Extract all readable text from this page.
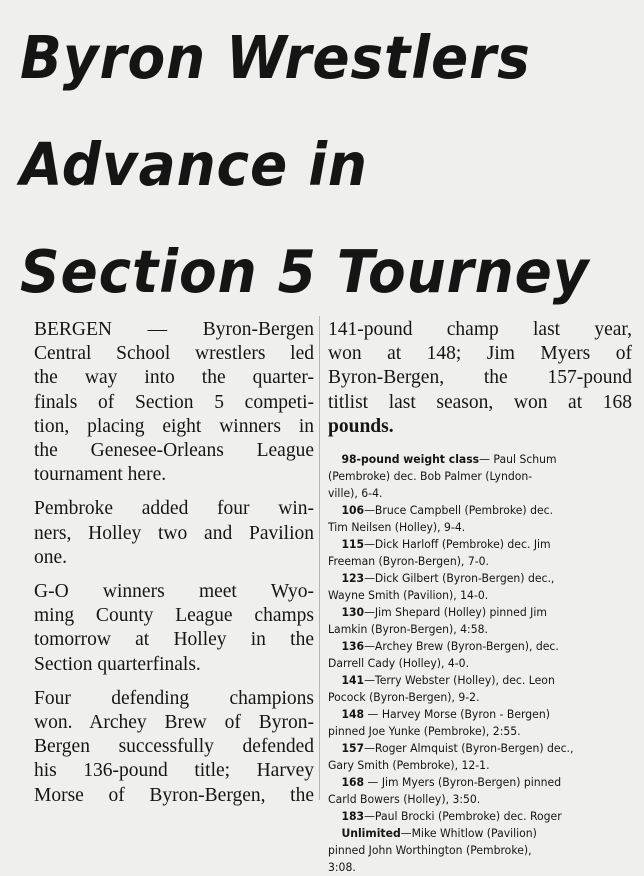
Byron Wrestlers
Advance in
Section 5 Tourney

BERGEN — Byron-Bergen
Central School wrestlers led
the way into the quarter-
finals of Section 5 competi-
tion, placing eight winners in
the Genesee-Orleans League
tournament here.

Pembroke added four win-
ners, Holley two and Pavilion
one.

G-O winners meet Wyo-
ming County League champs
tomorrow at Holley in the
Section quarterfinals.

Four defending champions
won. Archey Brew of Byron-
Bergen successfully defended
his 136-pound title; Harvey
Morse of Byron-Bergen, the

141-pound champ last year,
won at 148; Jim Myers of
Byron-Bergen, the 157-pound
titlist last season, won at 168
pounds.

98-pound weight class— Paul Schum
(Pembroke) dec. Bob Palmer (Lyndon-
ville), 6-4.
106—Bruce Campbell (Pembroke) dec.
Tim Neilsen (Holley), 9-4.
115—Dick Harloff (Pembroke) dec. Jim
Freeman (Byron-Bergen), 7-0.
123—Dick Gilbert (Byron-Bergen) dec.,
Wayne Smith (Pavilion), 14-0.
130—Jim Shepard (Holley) pinned Jim
Lamkin (Byron-Bergen), 4:58.
136—Archey Brew (Byron-Bergen), dec.
Darrell Cady (Holley), 4-0.
141—Terry Webster (Holley), dec. Leon
Pocock (Byron-Bergen), 9-2.
148 — Harvey Morse (Byron - Bergen)
pinned Joe Yunke (Pembroke), 2:55.
157—Roger Almquist (Byron-Bergen) dec.,
Gary Smith (Pembroke), 12-1.
168 — Jim Myers (Byron-Bergen) pinned
Carld Bowers (Holley), 3:50.
183—Paul Brocki (Pembroke) dec. Roger
Unlimited—Mike Whitlow (Pavilion)
pinned John Worthington (Pembroke),
3:08.
